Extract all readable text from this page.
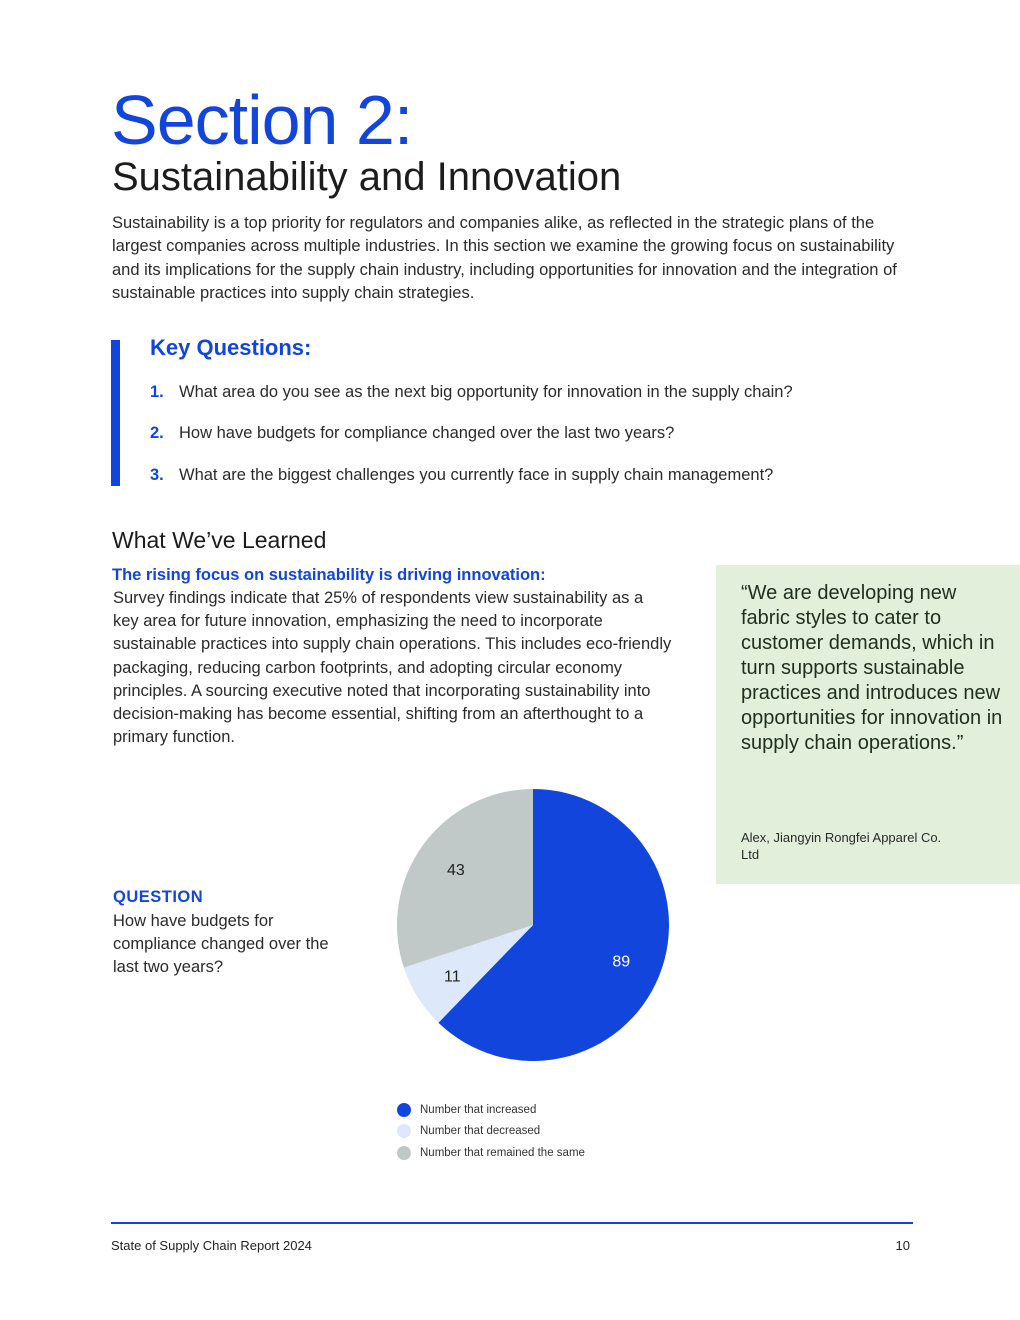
Section 2:
Sustainability and Innovation
Sustainability is a top priority for regulators and companies alike, as reflected in the strategic plans of the largest companies across multiple industries. In this section we examine the growing focus on sustainability and its implications for the supply chain industry, including opportunities for innovation and the integration of sustainable practices into supply chain strategies.
Key Questions:
1. What area do you see as the next big opportunity for innovation in the supply chain?
2. How have budgets for compliance changed over the last two years?
3. What are the biggest challenges you currently face in supply chain management?
What We’ve Learned
The rising focus on sustainability is driving innovation:
Survey findings indicate that 25% of respondents view sustainability as a key area for future innovation, emphasizing the need to incorporate sustainable practices into supply chain operations. This includes eco-friendly packaging, reducing carbon footprints, and adopting circular economy principles. A sourcing executive noted that incorporating sustainability into decision-making has become essential, shifting from an afterthought to a primary function.
“We are developing new fabric styles to cater to customer demands, which in turn supports sustainable practices and introduces new opportunities for innovation in supply chain operations.”
Alex, Jiangyin Rongfei Apparel Co. Ltd
QUESTION
How have budgets for compliance changed over the last two years?	89
11
43
Number that increased
Number that decreased
Number that remained the same
State of Supply Chain Report 2024	10
